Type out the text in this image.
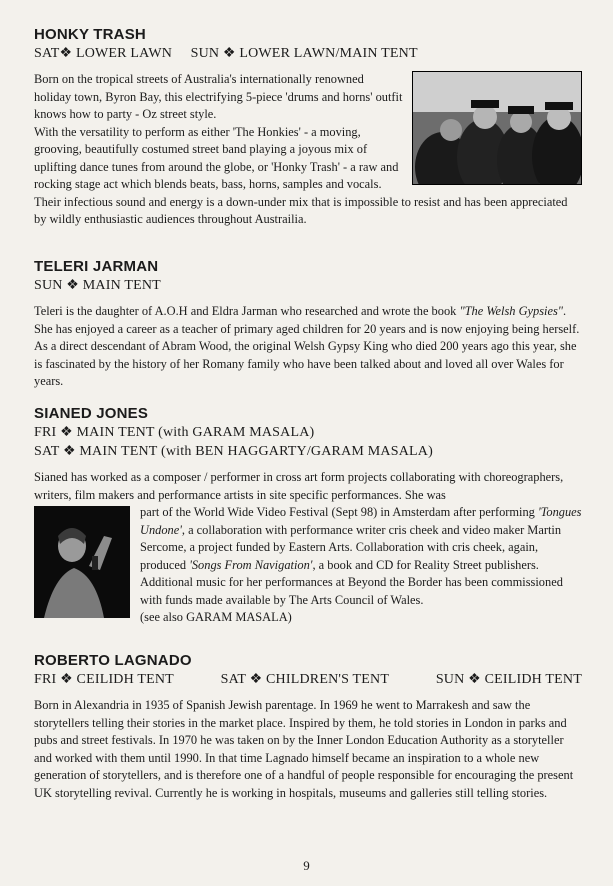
HONKY TRASH
SAT❖ LOWER LAWN     SUN ❖ LOWER LAWN/MAIN TENT

Born on the tropical streets of Australia's internationally renowned holiday town, Byron Bay, this electrifying 5-piece 'drums and horns' outfit knows how to party - Oz street style.

With the versatility to perform as either 'The Honkies' - a moving, grooving, beautifully costumed street band playing a joyous mix of uplifting dance tunes from around the globe, or 'Honky Trash' - a raw and rocking stage act which blends beats, bass, horns, samples and vocals. Their infectious sound and energy is a down-under mix that is impossible to resist and has been appreciated by wildly enthusiastic audiences throughout Austrailia.

TELERI JARMAN
SUN ❖ MAIN TENT

Teleri is the daughter of A.O.H and Eldra Jarman who researched and wrote the book "The Welsh Gypsies". She has enjoyed a career as a teacher of primary aged children for 20 years and is now enjoying being herself. As a direct descendant of Abram Wood, the original Welsh Gypsy King who died 200 years ago this year, she is fascinated by the history of her Romany family who have been talked about and loved all over Wales for years.

SIANED JONES
FRI ❖ MAIN TENT (with GARAM MASALA)
SAT ❖ MAIN TENT (with BEN HAGGARTY/GARAM MASALA)

Sianed has worked as a composer / performer in cross art form projects collaborating with choreographers, writers, film makers and performance artists in site specific performances. She was

part of the World Wide Video Festival (Sept 98) in Amsterdam after performing 'Tongues Undone', a collaboration with performance writer cris cheek and video maker Martin Sercome, a project funded by Eastern Arts. Collaboration with cris cheek, again, produced 'Songs From Navigation', a book and CD for Reality Street publishers.

Additional music for her performances at Beyond the Border has been commissioned with funds made available by The Arts Council of Wales.

(see also GARAM MASALA)

ROBERTO LAGNADO
FRI ❖ CEILIDH TENT	SAT ❖ CHILDREN'S TENT	SUN ❖ CEILIDH TENT

Born in Alexandria in 1935 of Spanish Jewish parentage. In 1969 he went to Marrakesh and saw the storytellers telling their stories in the market place. Inspired by them, he told stories in London in parks and pubs and street festivals. In 1970 he was taken on by the Inner London Education Authority as a storyteller and worked with them until 1990. In that time Lagnado himself became an inspiration to a whole new generation of storytellers, and is therefore one of a handful of people responsible for encouraging the present UK storytelling revival. Currently he is working in hospitals, museums and galleries still telling stories.

9
